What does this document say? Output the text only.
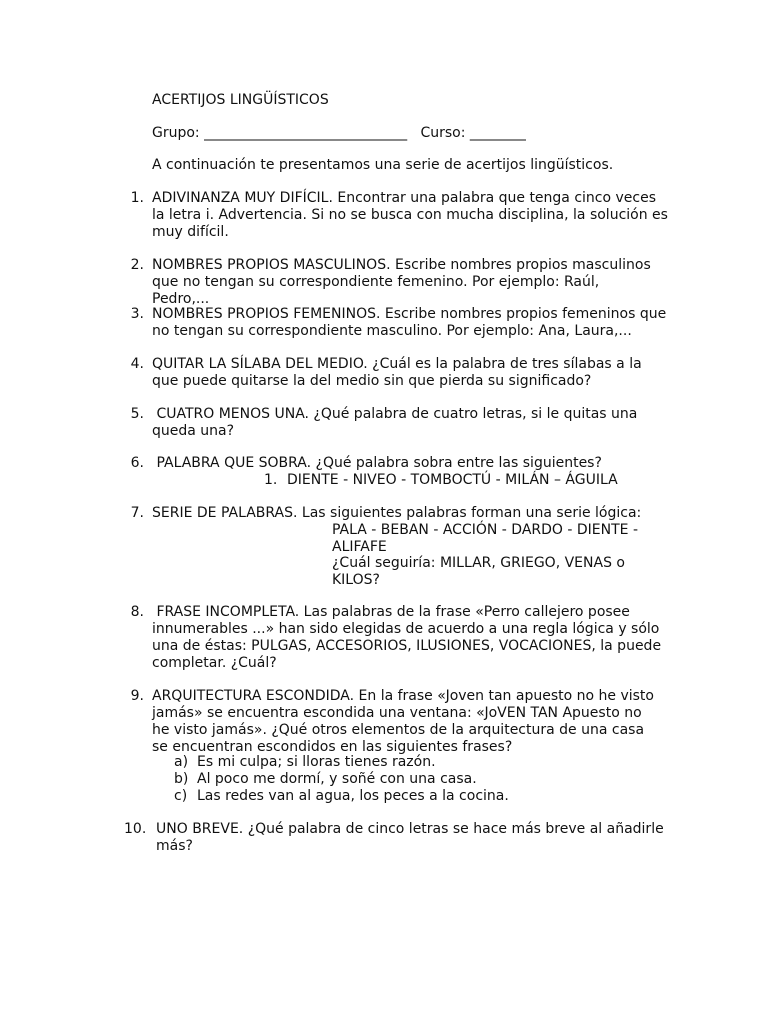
ACERTIJOS LINGÜÍSTICOS
Grupo: _____________________________   Curso: ________
A continuación te presentamos una serie de acertijos lingüísticos.
1. ADIVINANZA MUY DIFÍCIL. Encontrar una palabra que tenga cinco veces la letra i. Advertencia. Si no se busca con mucha disciplina, la solución es muy difícil.
2. NOMBRES PROPIOS MASCULINOS. Escribe nombres propios masculinos que no tengan su correspondiente femenino. Por ejemplo: Raúl, Pedro,...
3. NOMBRES PROPIOS FEMENINOS. Escribe nombres propios femeninos que no tengan su correspondiente masculino. Por ejemplo: Ana, Laura,...
4. QUITAR LA SÍLABA DEL MEDIO. ¿Cuál es la palabra de tres sílabas a la que puede quitarse la del medio sin que pierda su significado?
5. CUATRO MENOS UNA. ¿Qué palabra de cuatro letras, si le quitas una queda una?
6. PALABRA QUE SOBRA. ¿Qué palabra sobra entre las siguientes?
1. DIENTE - NIVEO - TOMBOCTÚ - MILÁN – ÁGUILA
7. SERIE DE PALABRAS. Las siguientes palabras forman una serie lógica:
PALA - BEBAN - ACCIÓN - DARDO - DIENTE -
ALIFAFE
¿Cuál seguiría: MILLAR, GRIEGO, VENAS o
KILOS?
8. FRASE INCOMPLETA. Las palabras de la frase «Perro callejero posee innumerables ...» han sido elegidas de acuerdo a una regla lógica y sólo una de éstas: PULGAS, ACCESORIOS, ILUSIONES, VOCACIONES, la puede completar. ¿Cuál?
9. ARQUITECTURA ESCONDIDA. En la frase «Joven tan apuesto no he visto jamás» se encuentra escondida una ventana: «JoVEN TAN Apuesto no he visto jamás». ¿Qué otros elementos de la arquitectura de una casa se encuentran escondidos en las siguientes frases?
a) Es mi culpa; si lloras tienes razón.
b) Al poco me dormí, y soñé con una casa.
c) Las redes van al agua, los peces a la cocina.
10. UNO BREVE. ¿Qué palabra de cinco letras se hace más breve al añadirle más?
